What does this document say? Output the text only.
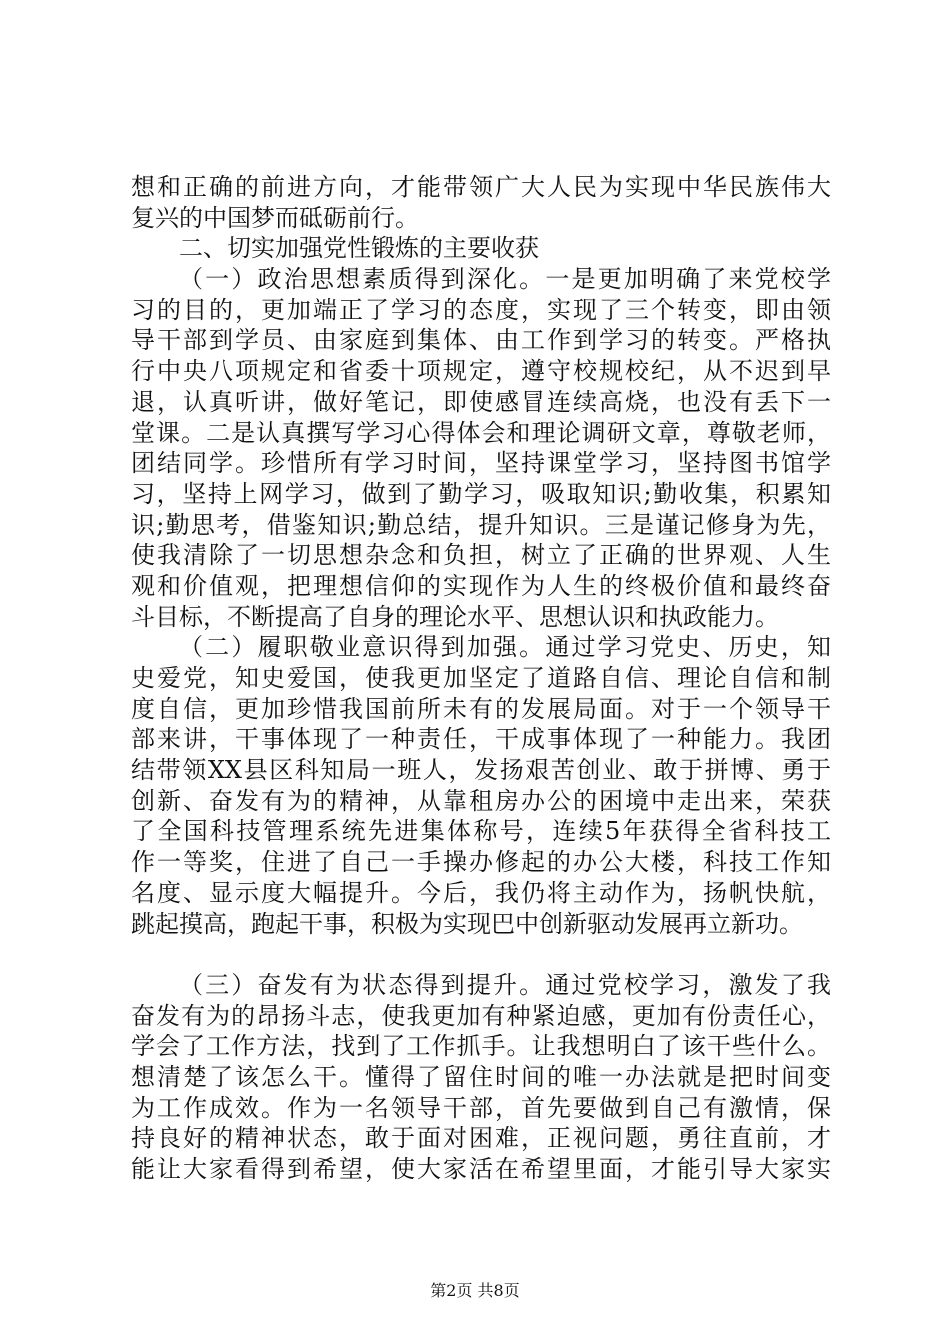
想和正确的前进方向，才能带领广大人民为实现中华民族伟大
复兴的中国梦而砥砺前行。
二、切实加强党性锻炼的主要收获
（一）政治思想素质得到深化。一是更加明确了来党校学
习的目的，更加端正了学习的态度，实现了三个转变，即由领
导干部到学员、由家庭到集体、由工作到学习的转变。严格执
行中央八项规定和省委十项规定，遵守校规校纪，从不迟到早
退，认真听讲，做好笔记，即使感冒连续高烧，也没有丢下一
堂课。二是认真撰写学习心得体会和理论调研文章，尊敬老师，
团结同学。珍惜所有学习时间，坚持课堂学习，坚持图书馆学
习，坚持上网学习，做到了勤学习，吸取知识;勤收集，积累知
识;勤思考，借鉴知识;勤总结，提升知识。三是谨记修身为先，
使我清除了一切思想杂念和负担，树立了正确的世界观、人生
观和价值观，把理想信仰的实现作为人生的终极价值和最终奋
斗目标，不断提高了自身的理论水平、思想认识和执政能力。
（二）履职敬业意识得到加强。通过学习党史、历史，知
史爱党，知史爱国，使我更加坚定了道路自信、理论自信和制
度自信，更加珍惜我国前所未有的发展局面。对于一个领导干
部来讲，干事体现了一种责任，干成事体现了一种能力。我团
结带领XX县区科知局一班人，发扬艰苦创业、敢于拼博、勇于
创新、奋发有为的精神，从靠租房办公的困境中走出来，荣获
了全国科技管理系统先进集体称号，连续5年获得全省科技工
作一等奖，住进了自己一手操办修起的办公大楼，科技工作知
名度、显示度大幅提升。今后，我仍将主动作为，扬帆快航，
跳起摸高，跑起干事，积极为实现巴中创新驱动发展再立新功。
（三）奋发有为状态得到提升。通过党校学习，激发了我
奋发有为的昂扬斗志，使我更加有种紧迫感，更加有份责任心，
学会了工作方法，找到了工作抓手。让我想明白了该干些什么。
想清楚了该怎么干。懂得了留住时间的唯一办法就是把时间变
为工作成效。作为一名领导干部，首先要做到自己有激情，保
持良好的精神状态，敢于面对困难，正视问题，勇往直前，才
能让大家看得到希望，使大家活在希望里面，才能引导大家实
第2页 共8页
